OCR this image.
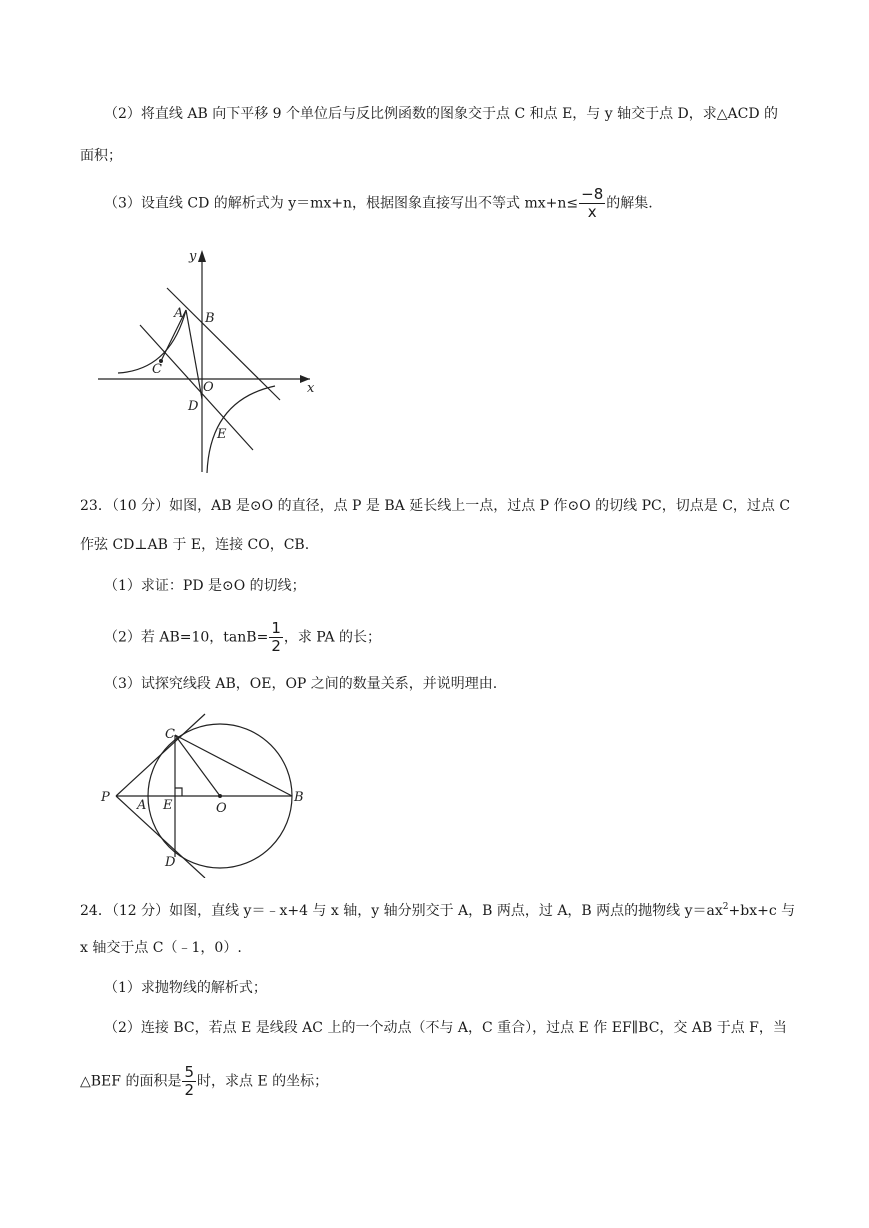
（2）将直线 AB 向下平移 9 个单位后与反比例函数的图象交于点 C 和点 E，与 y 轴交于点 D，求△ACD 的
面积；
（3）设直线 CD 的解析式为 y＝mx+n，根据图象直接写出不等式 $mx+n\le \frac{-8}{x}$ 的解集.
y
x
A B
C
O
D
E
23．（10 分）如图，AB 是⊙O 的直径，点 P 是 BA 延长线上一点，过点 P 作⊙O 的切线 PC，切点是 C，过点 C
作弦 CD⊥AB 于 E，连接 CO，CB.
（1）求证：PD 是⊙O 的切线；
（2）若 AB=10，$\tan B= \frac{1}{2}$ ，求 PA 的长；
（3）试探究线段 AB，OE，OP 之间的数量关系，并说明理由.
P
A E	O
B
C
D
24．（12 分）如图，直线 y＝﹣x+4 与 x 轴，y 轴分别交于 A，B 两点，过 A，B 两点的抛物线 $y=ax^2+bx+c$ 与
x 轴交于点 C（﹣1，0）.
（1）求抛物线的解析式；
（2）连接 BC，若点 E 是线段 AC 上的一个动点（不与 A，C 重合），过点 E 作 EF∥BC，交 AB 于点 F，当
△BEF 的面积是 $\frac{5}{2}$ 时，求点 E 的坐标；
